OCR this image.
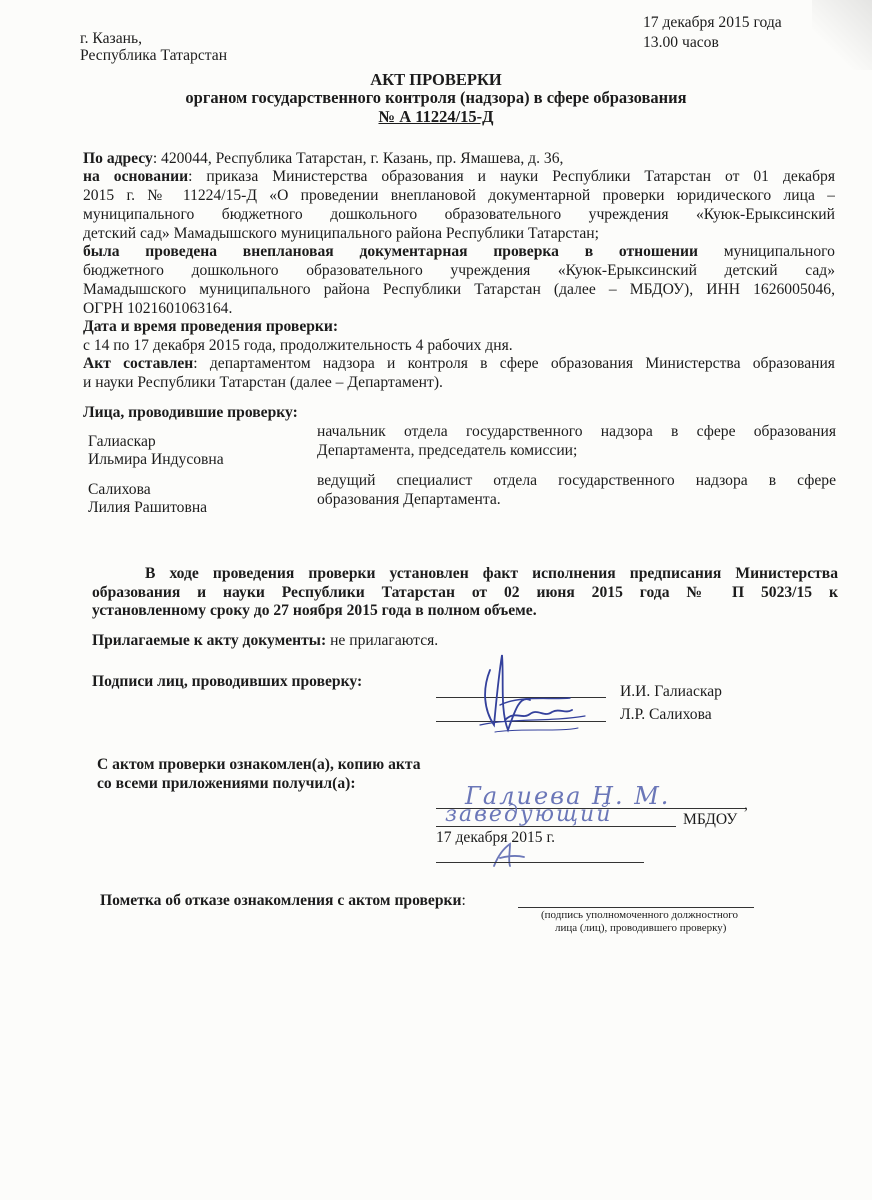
г. Казань,
Республика Татарстан
17 декабря 2015 года
13.00 часов
АКТ ПРОВЕРКИ
органом государственного контроля (надзора) в сфере образования
№ А 11224/15-Д
По адресу: 420044, Республика Татарстан, г. Казань, пр. Ямашева, д. 36,
на основании: приказа Министерства образования и науки Республики Татарстан от 01 декабря
2015 г. № 11224/15-Д «О проведении внеплановой документарной проверки юридического лица –
муниципального бюджетного дошкольного образовательного учреждения «Куюк-Ерыксинский
детский сад» Мамадышского муниципального района Республики Татарстан;
была проведена внеплановая документарная проверка в отношении муниципального
бюджетного дошкольного образовательного учреждения «Куюк-Ерыксинский детский сад»
Мамадышского муниципального района Республики Татарстан (далее – МБДОУ), ИНН 1626005046,
ОГРН 1021601063164.
Дата и время проведения проверки:
с 14 по 17 декабря 2015 года, продолжительность 4 рабочих дня.
Акт составлен: департаментом надзора и контроля в сфере образования Министерства образования
и науки Республики Татарстан (далее – Департамент).
Лица, проводившие проверку:
Галиаскар
Ильмира Индусовна
начальник отдела государственного надзора в сфере образования
Департамента, председатель комиссии;
Салихова
Лилия Рашитовна
ведущий специалист отдела государственного надзора в сфере
образования Департамента.
В ходе проведения проверки установлен факт исполнения предписания Министерства
образования и науки Республики Татарстан от 02 июня 2015 года № П 5023/15 к
установленному сроку до 27 ноября 2015 года в полном объеме.
Прилагаемые к акту документы: не прилагаются.
Подписи лиц, проводивших проверку:
И.И. Галиаскар
Л.Р. Салихова
С актом проверки ознакомлен(а), копию акта
со всеми приложениями получил(а):	Галиева Н. М.	,
заведующий	МБДОУ
17 декабря 2015 г.
Пометка об отказе ознакомления с актом проверки:
(подпись уполномоченного должностного
лица (лиц), проводившего проверку)
